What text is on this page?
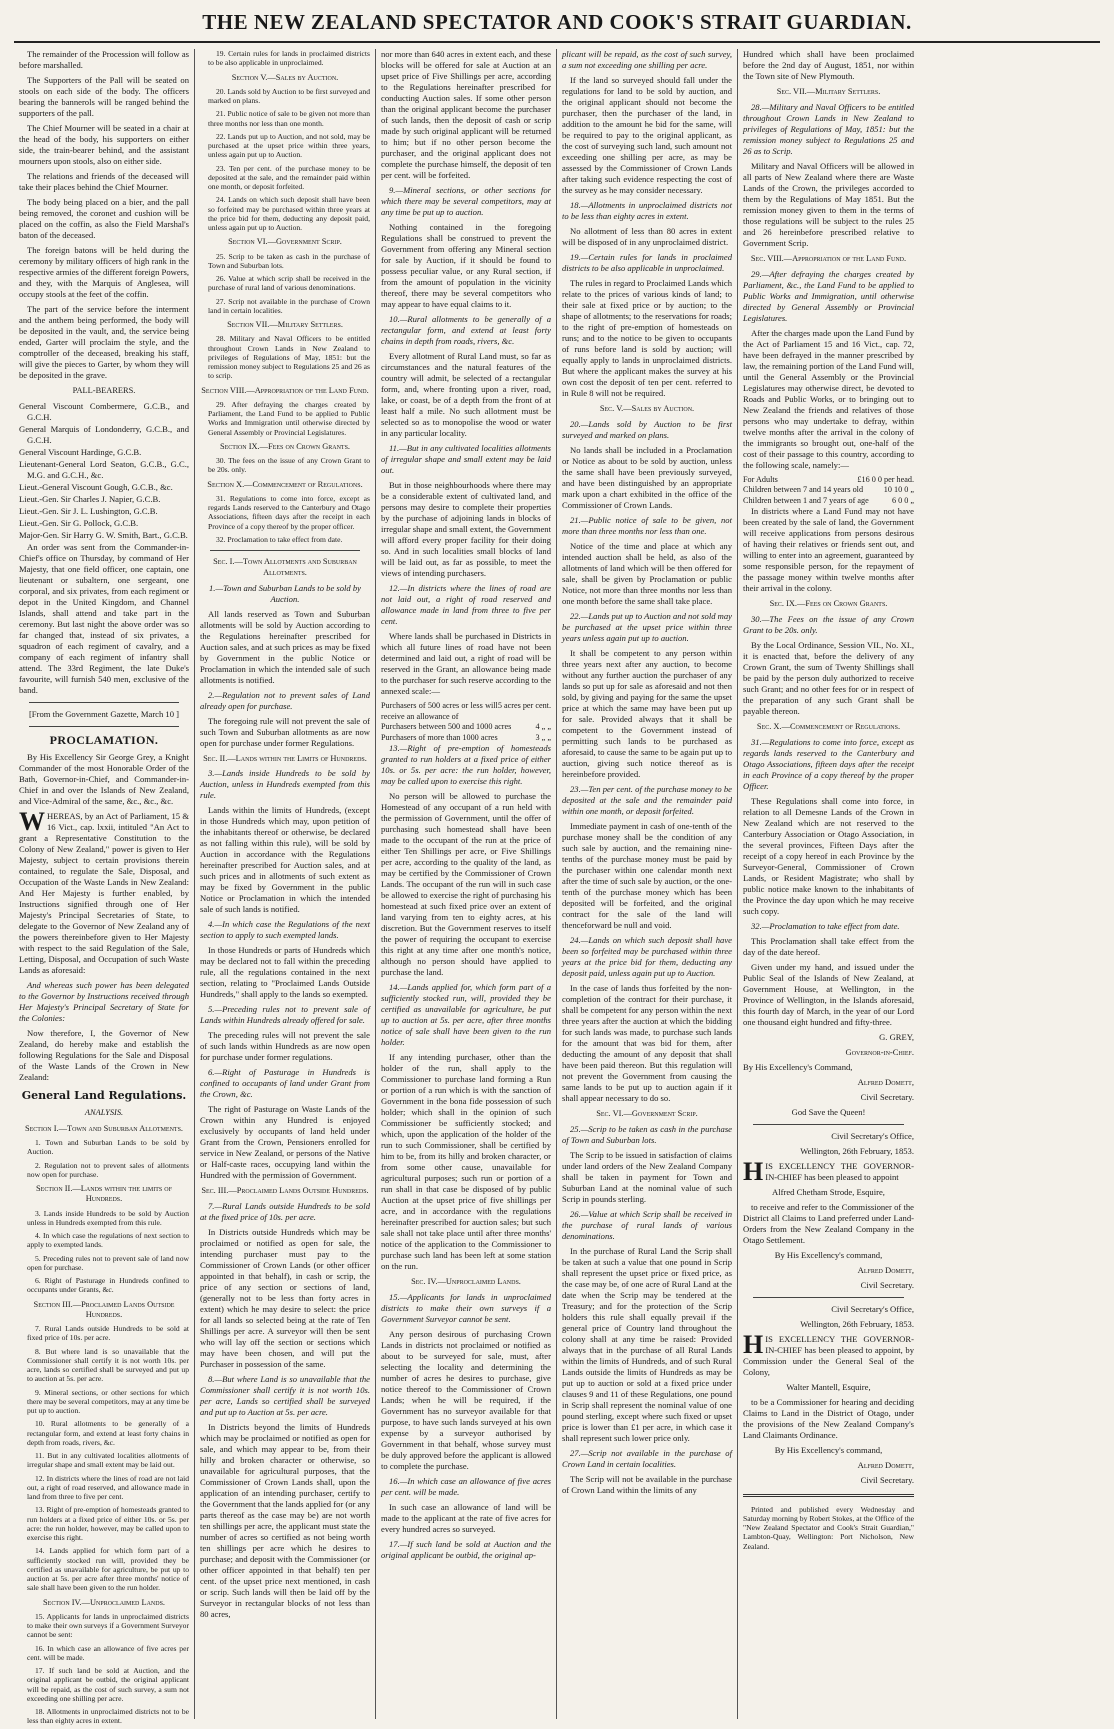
THE NEW ZEALAND SPECTATOR AND COOK'S STRAIT GUARDIAN.

The remainder of the Procession will follow as before marshalled.

The Supporters of the Pall will be seated on stools on each side of the body. The officers bearing the bannerols will be ranged behind the supporters of the pall.

The Chief Mourner will be seated in a chair at the head of the body, his supporters on either side, the train-bearer behind, and the assistant mourners upon stools, also on either side.

The relations and friends of the deceased will take their places behind the Chief Mourner.

The body being placed on a bier, and the pall being removed, the coronet and cushion will be placed on the coffin, as also the Field Marshal's baton of the deceased.

The foreign batons will be held during the ceremony by military officers of high rank in the respective armies of the different foreign Powers, and they, with the Marquis of Anglesea, will occupy stools at the feet of the coffin.

The part of the service before the interment and the anthem being performed, the body will be deposited in the vault, and, the service being ended, Garter will proclaim the style, and the comptroller of the deceased, breaking his staff, will give the pieces to Garter, by whom they will be deposited in the grave.

PALL-BEARERS.

General Viscount Combermere, G.C.B., and G.C.H.

General Marquis of Londonderry, G.C.B., and G.C.H.

General Viscount Hardinge, G.C.B.

Lieutenant-General Lord Seaton, G.C.B., G.C., M.G. and G.C.H., &c.

Lieut.-General Viscount Gough, G.C.B., &c.

Lieut.-Gen. Sir Charles J. Napier, G.C.B.

Lieut.-Gen. Sir J. L. Lushington, G.C.B.

Lieut.-Gen. Sir G. Pollock, G.C.B.

Major-Gen. Sir Harry G. W. Smith, Bart., G.C.B.

An order was sent from the Commander-in-Chief's office on Thursday, by command of Her Majesty, that one field officer, one captain, one lieutenant or subaltern, one sergeant, one corporal, and six privates, from each regiment or depot in the United Kingdom, and Channel Islands, shall attend and take part in the ceremony. But last night the above order was so far changed that, instead of six privates, a squadron of each regiment of cavalry, and a company of each regiment of infantry shall attend. The 33rd Regiment, the late Duke's favourite, will furnish 540 men, exclusive of the band.

[From the Government Gazette, March 10 ]

PROCLAMATION.

By His Excellency Sir George Grey, a Knight Commander of the most Honorable Order of the Bath, Governor-in-Chief, and Commander-in-Chief in and over the Islands of New Zealand, and Vice-Admiral of the same, &c., &c., &c.

WHEREAS, by an Act of Parliament, 15 & 16 Vict., cap. lxxii, intituled "An Act to grant a Representative Constitution to the Colony of New Zealand," power is given to Her Majesty, subject to certain provisions therein contained, to regulate the Sale, Disposal, and Occupation of the Waste Lands in New Zealand: And Her Majesty is further enabled, by Instructions signified through one of Her Majesty's Principal Secretaries of State, to delegate to the Governor of New Zealand any of the powers thereinbefore given to Her Majesty with respect to the said Regulation of the Sale, Letting, Disposal, and Occupation of such Waste Lands as aforesaid:

And whereas such power has been delegated to the Governor by Instructions received through Her Majesty's Principal Secretary of State for the Colonies:

Now therefore, I, the Governor of New Zealand, do hereby make and establish the following Regulations for the Sale and Disposal of the Waste Lands of the Crown in New Zealand:

General Land Regulations.
ANALYSIS.
Section I.—Town and Suburban Allotments.

1. Town and Suburban Lands to be sold by Auction.

2. Regulation not to prevent sales of allotments now open for purchase.

Section II.—Lands within the limits of Hundreds.

3. Lands inside Hundreds to be sold by Auction unless in Hundreds exempted from this rule.

4. In which case the regulations of next section to apply to exempted lands.

5. Preceding rules not to prevent sale of land now open for purchase.

6. Right of Pasturage in Hundreds confined to occupants under Grants, &c.

Section III.—Proclaimed Lands Outside Hundreds.

7. Rural Lands outside Hundreds to be sold at fixed price of 10s. per acre.

8. But where land is so unavailable that the Commissioner shall certify it is not worth 10s. per acre, lands so certified shall be surveyed and put up to auction at 5s. per acre.

9. Mineral sections, or other sections for which there may be several competitors, may at any time be put up to auction.

10. Rural allotments to be generally of a rectangular form, and extend at least forty chains in depth from roads, rivers, &c.

11. But in any cultivated localities allotments of irregular shape and small extent may be laid out.

12. In districts where the lines of road are not laid out, a right of road reserved, and allowance made in land from three to five per cent.

13. Right of pre-emption of homesteads granted to run holders at a fixed price of either 10s. or 5s. per acre: the run holder, however, may be called upon to exercise this right.

14. Lands applied for which form part of a sufficiently stocked run will, provided they be certified as unavailable for agriculture, be put up to auction at 5s. per acre after three months' notice of sale shall have been given to the run holder.

Section IV.—Unproclaimed Lands.

15. Applicants for lands in unproclaimed districts to make their own surveys if a Government Surveyor cannot be sent:

16. In which case an allowance of five acres per cent. will be made.

17. If such land be sold at Auction, and the original applicant be outbid, the original applicant will be repaid, as the cost of such survey, a sum not exceeding one shilling per acre.

18. Allotments in unproclaimed districts not to be less than eighty acres in extent.

19. Certain rules for lands in proclaimed districts to be also applicable in unproclaimed.

Section V.—Sales by Auction.

20. Lands sold by Auction to be first surveyed and marked on plans.

21. Public notice of sale to be given not more than three months nor less than one month.

22. Lands put up to Auction, and not sold, may be purchased at the upset price within three years, unless again put up to Auction.

23. Ten per cent. of the purchase money to be deposited at the sale, and the remainder paid within one month, or deposit forfeited.

24. Lands on which such deposit shall have been so forfeited may be purchased within three years at the price bid for them, deducting any deposit paid, unless again put up to Auction.

Section VI.—Government Scrip.

25. Scrip to be taken as cash in the purchase of Town and Suburban lots.

26. Value at which scrip shall be received in the purchase of rural land of various denominations.

27. Scrip not available in the purchase of Crown land in certain localities.

Section VII.—Military Settlers.

28. Military and Naval Officers to be entitled throughout Crown Lands in New Zealand to privileges of Regulations of May, 1851: but the remission money subject to Regulations 25 and 26 as to scrip.

Section VIII.—Appropriation of the Land Fund.

29. After defraying the charges created by Parliament, the Land Fund to be applied to Public Works and Immigration until otherwise directed by General Assembly or Provincial Legislatures.

Section IX.—Fees on Crown Grants.

30. The fees on the issue of any Crown Grant to be 20s. only.

Section X.—Commencement of Regulations.

31. Regulations to come into force, except as regards Lands reserved to the Canterbury and Otago Associations, fifteen days after the receipt in each Province of a copy thereof by the proper officer.

32. Proclamation to take effect from date.

Sec. I.—Town Allotments and Suburban Allotments.

1.—Town and Suburban Lands to be sold by Auction.

All lands reserved as Town and Suburban allotments will be sold by Auction according to the Regulations hereinafter prescribed for Auction sales, and at such prices as may be fixed by Government in the public Notice or Proclamation in which the intended sale of such allotments is notified.

2.—Regulation not to prevent sales of Land already open for purchase.

The foregoing rule will not prevent the sale of such Town and Suburban allotments as are now open for purchase under former Regulations.

Sec. II.—Lands within the Limits of Hundreds.

3.—Lands inside Hundreds to be sold by Auction, unless in Hundreds exempted from this rule.

Lands within the limits of Hundreds, (except in those Hundreds which may, upon petition of the inhabitants thereof or otherwise, be declared as not falling within this rule), will be sold by Auction in accordance with the Regulations hereinafter prescribed for Auction sales, and at such prices and in allotments of such extent as may be fixed by Government in the public Notice or Proclamation in which the intended sale of such lands is notified.

4.—In which case the Regulations of the next section to apply to such exempted lands.

In those Hundreds or parts of Hundreds which may be declared not to fall within the preceding rule, all the regulations contained in the next section, relating to "Proclaimed Lands Outside Hundreds," shall apply to the lands so exempted.

5.—Preceding rules not to prevent sale of Lands within Hundreds already offered for sale.

The preceding rules will not prevent the sale of such lands within Hundreds as are now open for purchase under former regulations.

6.—Right of Pasturage in Hundreds is confined to occupants of land under Grant from the Crown, &c.

The right of Pasturage on Waste Lands of the Crown within any Hundred is enjoyed exclusively by occupants of land held under Grant from the Crown, Pensioners enrolled for service in New Zealand, or persons of the Native or Half-caste races, occupying land within the Hundred with the permission of Government.

Sec. III.—Proclaimed Lands Outside Hundreds.

7.—Rural Lands outside Hundreds to be sold at the fixed price of 10s. per acre.

In Districts outside Hundreds which may be proclaimed or notified as open for sale, the intending purchaser must pay to the Commissioner of Crown Lands (or other officer appointed in that behalf), in cash or scrip, the price of any section or sections of land, (generally not to be less than forty acres in extent) which he may desire to select: the price for all lands so selected being at the rate of Ten Shillings per acre. A surveyor will then be sent who will lay off the section or sections which may have been chosen, and will put the Purchaser in possession of the same.

8.—But where Land is so unavailable that the Commissioner shall certify it is not worth 10s. per acre, Lands so certified shall be surveyed and put up to Auction at 5s. per acre.

In Districts beyond the limits of Hundreds which may be proclaimed or notified as open for sale, and which may appear to be, from their hilly and broken character or otherwise, so unavailable for agricultural purposes, that the Commissioner of Crown Lands shall, upon the application of an intending purchaser, certify to the Government that the lands applied for (or any parts thereof as the case may be) are not worth ten shillings per acre, the applicant must state the number of acres so certified as not being worth ten shillings per acre which he desires to purchase; and deposit with the Commissioner (or other officer appointed in that behalf) ten per cent. of the upset price next mentioned, in cash or scrip. Such lands will then be laid off by the Surveyor in rectangular blocks of not less than 80 acres,

nor more than 640 acres in extent each, and these blocks will be offered for sale at Auction at an upset price of Five Shillings per acre, according to the Regulations hereinafter prescribed for conducting Auction sales. If some other person than the original applicant become the purchaser of such lands, then the deposit of cash or scrip made by such original applicant will be returned to him; but if no other person become the purchaser, and the original applicant does not complete the purchase himself, the deposit of ten per cent. will be forfeited.

9.—Mineral sections, or other sections for which there may be several competitors, may at any time be put up to auction.

Nothing contained in the foregoing Regulations shall be construed to prevent the Government from offering any Mineral section for sale by Auction, if it should be found to possess peculiar value, or any Rural section, if from the amount of population in the vicinity thereof, there may be several competitors who may appear to have equal claims to it.

10.—Rural allotments to be generally of a rectangular form, and extend at least forty chains in depth from roads, rivers, &c.

Every allotment of Rural Land must, so far as circumstances and the natural features of the country will admit, be selected of a rectangular form, and, where fronting upon a river, road, lake, or coast, be of a depth from the front of at least half a mile. No such allotment must be selected so as to monopolise the wood or water in any particular locality.

11.—But in any cultivated localities allotments of irregular shape and small extent may be laid out.

But in those neighbourhoods where there may be a considerable extent of cultivated land, and persons may desire to complete their properties by the purchase of adjoining lands in blocks of irregular shape and small extent, the Government will afford every proper facility for their doing so. And in such localities small blocks of land will be laid out, as far as possible, to meet the views of intending purchasers.

12.—In districts where the lines of road are not laid out, a right of road reserved and allowance made in land from three to five per cent.

Where lands shall be purchased in Districts in which all future lines of road have not been determined and laid out, a right of road will be reserved in the Grant, an allowance being made to the purchaser for such reserve according to the annexed scale:—

Purchasers of 500 acres or less will receive an allowance of
5 acres per cent.
Purchasers between 500 and 1000 acres	4 „ „
Purchasers of more than 1000 acres	3 „ „

13.—Right of pre-emption of homesteads granted to run holders at a fixed price of either 10s. or 5s. per acre: the run holder, however, may be called upon to exercise this right.

No person will be allowed to purchase the Homestead of any occupant of a run held with the permission of Government, until the offer of purchasing such homestead shall have been made to the occupant of the run at the price of either Ten Shillings per acre, or Five Shillings per acre, according to the quality of the land, as may be certified by the Commissioner of Crown Lands. The occupant of the run will in such case be allowed to exercise the right of purchasing his homestead at such fixed price over an extent of land varying from ten to eighty acres, at his discretion. But the Government reserves to itself the power of requiring the occupant to exercise this right at any time after one month's notice, although no person should have applied to purchase the land.

14.—Lands applied for, which form part of a sufficiently stocked run, will, provided they be certified as unavailable for agriculture, be put up to auction at 5s. per acre, after three months notice of sale shall have been given to the run holder.

If any intending purchaser, other than the holder of the run, shall apply to the Commissioner to purchase land forming a Run or portion of a run which is with the sanction of Government in the bona fide possession of such holder; which shall in the opinion of such Commissioner be sufficiently stocked; and which, upon the application of the holder of the run to such Commissioner, shall be certified by him to be, from its hilly and broken character, or from some other cause, unavailable for agricultural purposes; such run or portion of a run shall in that case be disposed of by public Auction at the upset price of five shillings per acre, and in accordance with the regulations hereinafter prescribed for auction sales; but such sale shall not take place until after three months' notice of the application to the Commissioner to purchase such land has been left at some station on the run.

Sec. IV.—Unproclaimed Lands.

15.—Applicants for lands in unproclaimed districts to make their own surveys if a Government Surveyor cannot be sent.

Any person desirous of purchasing Crown Lands in districts not proclaimed or notified as about to be surveyed for sale, must, after selecting the locality and determining the number of acres he desires to purchase, give notice thereof to the Commissioner of Crown Lands; when he will be required, if the Government has no surveyor available for that purpose, to have such lands surveyed at his own expense by a surveyor authorised by Government in that behalf, whose survey must be duly approved before the applicant is allowed to complete the purchase.

16.—In which case an allowance of five acres per cent. will be made.

In such case an allowance of land will be made to the applicant at the rate of five acres for every hundred acres so surveyed.

17.—If such land be sold at Auction and the original applicant be outbid, the original ap-

plicant will be repaid, as the cost of such survey, a sum not exceeding one shilling per acre.

If the land so surveyed should fall under the regulations for land to be sold by auction, and the original applicant should not become the purchaser, then the purchaser of the land, in addition to the amount he bid for the same, will be required to pay to the original applicant, as the cost of surveying such land, such amount not exceeding one shilling per acre, as may be assessed by the Commissioner of Crown Lands after taking such evidence respecting the cost of the survey as he may consider necessary.

18.—Allotments in unproclaimed districts not to be less than eighty acres in extent.

No allotment of less than 80 acres in extent will be disposed of in any unproclaimed district.

19.—Certain rules for lands in proclaimed districts to be also applicable in unproclaimed.

The rules in regard to Proclaimed Lands which relate to the prices of various kinds of land; to their sale at fixed price or by auction; to the shape of allotments; to the reservations for roads; to the right of pre-emption of homesteads on runs; and to the notice to be given to occupants of runs before land is sold by auction; will equally apply to lands in unproclaimed districts. But where the applicant makes the survey at his own cost the deposit of ten per cent. referred to in Rule 8 will not be required.

Sec. V.—Sales by Auction.

20.—Lands sold by Auction to be first surveyed and marked on plans.

No lands shall be included in a Proclamation or Notice as about to be sold by auction, unless the same shall have been previously surveyed, and have been distinguished by an appropriate mark upon a chart exhibited in the office of the Commissioner of Crown Lands.

21.—Public notice of sale to be given, not more than three months nor less than one.

Notice of the time and place at which any intended auction shall be held, as also of the allotments of land which will be then offered for sale, shall be given by Proclamation or public Notice, not more than three months nor less than one month before the same shall take place.

22.—Lands put up to Auction and not sold may be purchased at the upset price within three years unless again put up to auction.

It shall be competent to any person within three years next after any auction, to become without any further auction the purchaser of any lands so put up for sale as aforesaid and not then sold, by giving and paying for the same the upset price at which the same may have been put up for sale. Provided always that it shall be competent to the Government instead of permitting such lands to be purchased as aforesaid, to cause the same to be again put up to auction, giving such notice thereof as is hereinbefore provided.

23.—Ten per cent. of the purchase money to be deposited at the sale and the remainder paid within one month, or deposit forfeited.

Immediate payment in cash of one-tenth of the purchase money shall be the condition of any such sale by auction, and the remaining nine-tenths of the purchase money must be paid by the purchaser within one calendar month next after the time of such sale by auction, or the one-tenth of the purchase money which has been deposited will be forfeited, and the original contract for the sale of the land will thenceforward be null and void.

24.—Lands on which such deposit shall have been so forfeited may be purchased within three years at the price bid for them, deducting any deposit paid, unless again put up to Auction.

In the case of lands thus forfeited by the non-completion of the contract for their purchase, it shall be competent for any person within the next three years after the auction at which the bidding for such lands was made, to purchase such lands for the amount that was bid for them, after deducting the amount of any deposit that shall have been paid thereon. But this regulation will not prevent the Government from causing the same lands to be put up to auction again if it shall appear necessary to do so.

Sec. VI.—Government Scrip.

25.—Scrip to be taken as cash in the purchase of Town and Suburban lots.

The Scrip to be issued in satisfaction of claims under land orders of the New Zealand Company shall be taken in payment for Town and Suburban Land at the nominal value of such Scrip in pounds sterling.

26.—Value at which Scrip shall be received in the purchase of rural lands of various denominations.

In the purchase of Rural Land the Scrip shall be taken at such a value that one pound in Scrip shall represent the upset price or fixed price, as the case may be, of one acre of Rural Land at the date when the Scrip may be tendered at the Treasury; and for the protection of the Scrip holders this rule shall equally prevail if the general price of Country land throughout the colony shall at any time be raised: Provided always that in the purchase of all Rural Lands within the limits of Hundreds, and of such Rural Lands outside the limits of Hundreds as may be put up to auction or sold at a fixed price under clauses 9 and 11 of these Regulations, one pound in Scrip shall represent the nominal value of one pound sterling, except where such fixed or upset price is lower than £1 per acre, in which case it shall represent such lower price only.

27.—Scrip not available in the purchase of Crown Land in certain localities.

The Scrip will not be available in the purchase of Crown Land within the limits of any

Hundred which shall have been proclaimed before the 2nd day of August, 1851, nor within the Town site of New Plymouth.

Sec. VII.—Military Settlers.

28.—Military and Naval Officers to be entitled throughout Crown Lands in New Zealand to privileges of Regulations of May, 1851: but the remission money subject to Regulations 25 and 26 as to Scrip.

Military and Naval Officers will be allowed in all parts of New Zealand where there are Waste Lands of the Crown, the privileges accorded to them by the Regulations of May 1851. But the remission money given to them in the terms of those regulations will be subject to the rules 25 and 26 hereinbefore prescribed relative to Government Scrip.

Sec. VIII.—Appropriation of the Land Fund.

29.—After defraying the charges created by Parliament, &c., the Land Fund to be applied to Public Works and Immigration, until otherwise directed by General Assembly or Provincial Legislatures.

After the charges made upon the Land Fund by the Act of Parliament 15 and 16 Vict., cap. 72, have been defrayed in the manner prescribed by law, the remaining portion of the Land Fund will, until the General Assembly or the Provincial Legislatures may otherwise direct, be devoted to Roads and Public Works, or to bringing out to New Zealand the friends and relatives of those persons who may undertake to defray, within twelve months after the arrival in the colony of the immigrants so brought out, one-half of the cost of their passage to this country, according to the following scale, namely:—

For Adults	£16 0 0 per head.
Children between 7 and 14 years old	10 10 0 „
Children between 1 and 7 years of age	6 0 0 „

In districts where a Land Fund may not have been created by the sale of land, the Government will receive applications from persons desirous of having their relatives or friends sent out, and willing to enter into an agreement, guaranteed by some responsible person, for the repayment of the passage money within twelve months after their arrival in the colony.

Sec. IX.—Fees on Crown Grants.

30.—The Fees on the issue of any Crown Grant to be 20s. only.

By the Local Ordinance, Session VII., No. XI., it is enacted that, before the delivery of any Crown Grant, the sum of Twenty Shillings shall be paid by the person duly authorized to receive such Grant; and no other fees for or in respect of the preparation of any such Grant shall be payable thereon.

Sec. X.—Commencement of Regulations.

31.—Regulations to come into force, except as regards lands reserved to the Canterbury and Otago Associations, fifteen days after the receipt in each Province of a copy thereof by the proper Officer.

These Regulations shall come into force, in relation to all Demesne Lands of the Crown in New Zealand which are not reserved to the Canterbury Association or Otago Association, in the several provinces, Fifteen Days after the receipt of a copy hereof in each Province by the Surveyor-General, Commissioner of Crown Lands, or Resident Magistrate; who shall by public notice make known to the inhabitants of the Province the day upon which he may receive such copy.

32.—Proclamation to take effect from date.

This Proclamation shall take effect from the day of the date hereof.

Given under my hand, and issued under the Public Seal of the Islands of New Zealand, at Government House, at Wellington, in the Province of Wellington, in the Islands aforesaid, this fourth day of March, in the year of our Lord one thousand eight hundred and fifty-three.

G. GREY,

Governor-in-Chief.

By His Excellency's Command,

Alfred Domett,

Civil Secretary.

God Save the Queen!

Civil Secretary's Office,

Wellington, 26th February, 1853.

HIS EXCELLENCY THE GOVERNOR-IN-CHIEF has been pleased to appoint

Alfred Chetham Strode, Esquire,

to receive and refer to the Commissioner of the District all Claims to Land preferred under Land-Orders from the New Zealand Company in the Otago Settlement.

By His Excellency's command,

Alfred Domett,

Civil Secretary.

Civil Secretary's Office,

Wellington, 26th February, 1853.

HIS EXCELLENCY THE GOVERNOR-IN-CHIEF has been pleased to appoint, by Commission under the General Seal of the Colony,

Walter Mantell, Esquire,

to be a Commissioner for hearing and deciding Claims to Land in the District of Otago, under the provisions of the New Zealand Company's Land Claimants Ordinance.

By His Excellency's command,

Alfred Domett,

Civil Secretary.

Printed and published every Wednesday and Saturday morning by Robert Stokes, at the Office of the "New Zealand Spectator and Cook's Strait Guardian," Lambton-Quay, Wellington: Port Nicholson, New Zealand.
